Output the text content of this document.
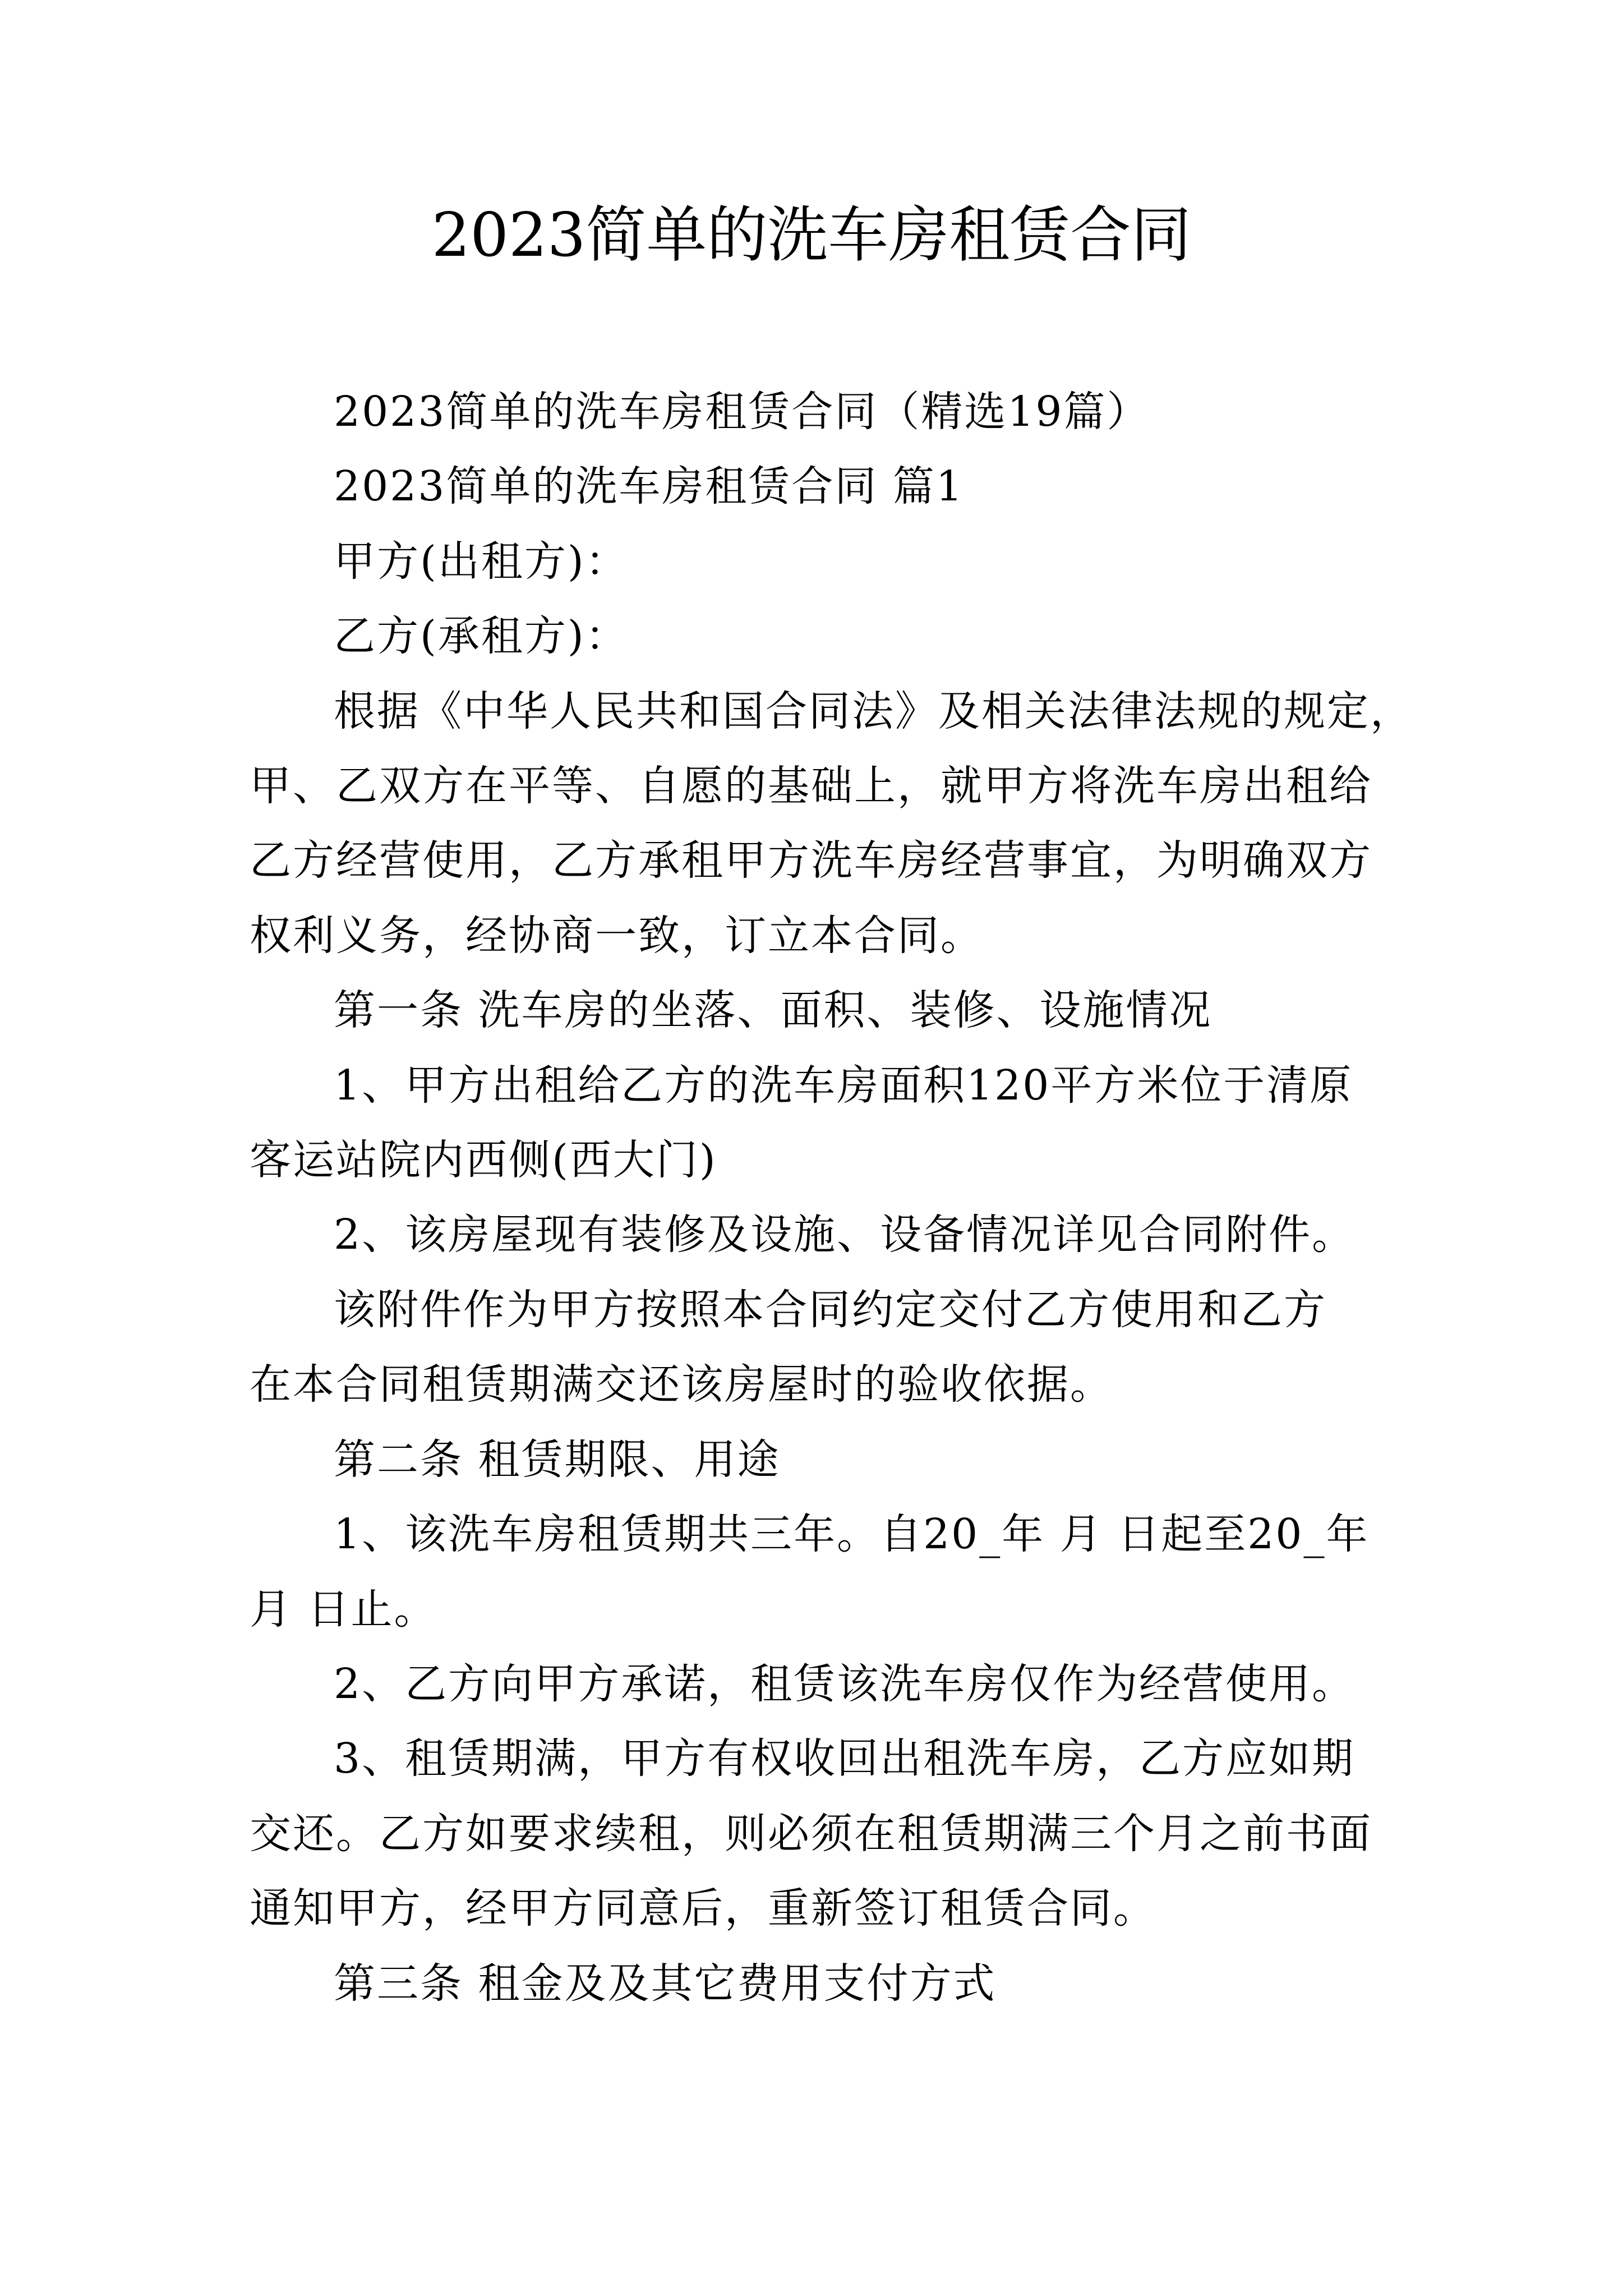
2023简单的洗车房租赁合同

2023简单的洗车房租赁合同（精选19篇）

2023简单的洗车房租赁合同 篇1

甲方(出租方)：

乙方(承租方)：

根据《中华人民共和国合同法》及相关法律法规的规定，
甲、乙双方在平等、自愿的基础上，就甲方将洗车房出租给
乙方经营使用，乙方承租甲方洗车房经营事宜，为明确双方
权利义务，经协商一致，订立本合同。

第一条 洗车房的坐落、面积、装修、设施情况

1、甲方出租给乙方的洗车房面积120平方米位于清原
客运站院内西侧(西大门)

2、该房屋现有装修及设施、设备情况详见合同附件。

该附件作为甲方按照本合同约定交付乙方使用和乙方
在本合同租赁期满交还该房屋时的验收依据。

第二条 租赁期限、用途

1、该洗车房租赁期共三年。自20_年 月 日起至20_年
月 日止。

2、乙方向甲方承诺，租赁该洗车房仅作为经营使用。

3、租赁期满，甲方有权收回出租洗车房，乙方应如期
交还。乙方如要求续租，则必须在租赁期满三个月之前书面
通知甲方，经甲方同意后，重新签订租赁合同。

第三条 租金及及其它费用支付方式
